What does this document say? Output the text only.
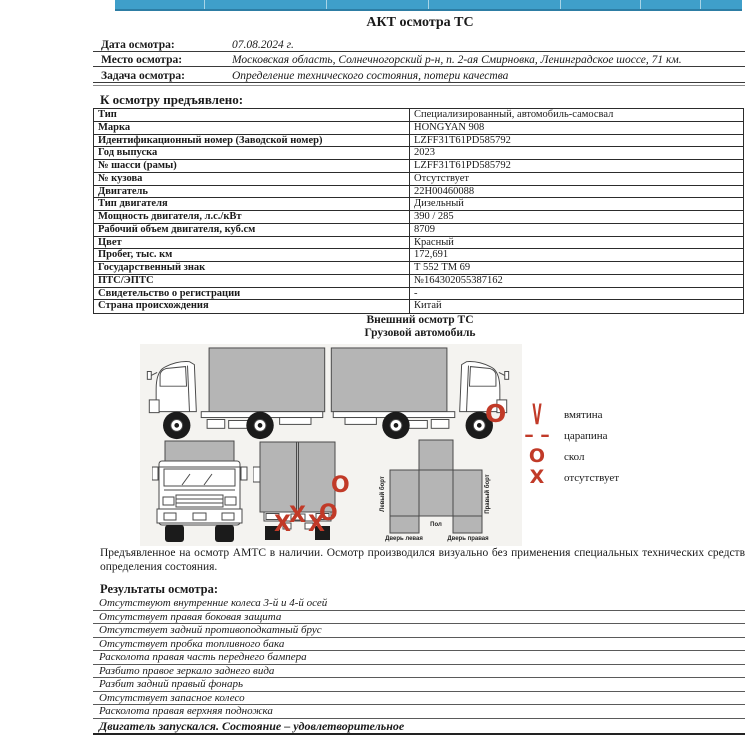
АКТ осмотра ТС
Дата осмотра:	07.08.2024 г.
Место осмотра:	Московская область, Солнечногорский р-н, п. 2-ая Смирновка, Ленинградское шоссе, 71 км.
Задача осмотра:	Определение технического состояния, потери качества
К осмотру предъявлено:
Тип	Специализированный, автомобиль-самосвал
Марка	HONGYAN 908
Идентификационный номер (Заводской номер)	LZFF31T61PD585792
Год выпуска	2023
№ шасси (рамы)	LZFF31T61PD585792
№ кузова	Отсутствует
Двигатель	22H00460088
Тип двигателя	Дизельный
Мощность двигателя, л.с./кВт	390 / 285
Рабочий объем двигателя, куб.см	8709
Цвет	Красный
Пробег, тыс. км	172,691
Государственный знак	Т 552 ТМ 69
ПТС/ЭПТС	№164302055387162
Свидетельство о регистрации	-
Страна происхождения	Китай
Внешний осмотр ТС
Грузовой автомобиль
Пол
Дверь левая	Дверь правая
Левый борт	Правый борт
O
O
O
X
X X
V	вмятина
– –	царапина
O	скол
X	отсутствует
Предъявленное на осмотр АМТС в наличии. Осмотр производился визуально без применения специальных технических средств определения состояния.
Результаты осмотра:
Отсутствуют внутренние колеса 3-й и 4-й осей
Отсутствует правая боковая защита
Отсутствует задний противоподкатный брус
Отсутствует пробка топливного бака
Расколота правая часть переднего бампера
Разбито правое зеркало заднего вида
Разбит задний правый фонарь
Отсутствует запасное колесо
Расколота правая верхняя подножка
Двигатель запускался. Состояние – удовлетворительное
